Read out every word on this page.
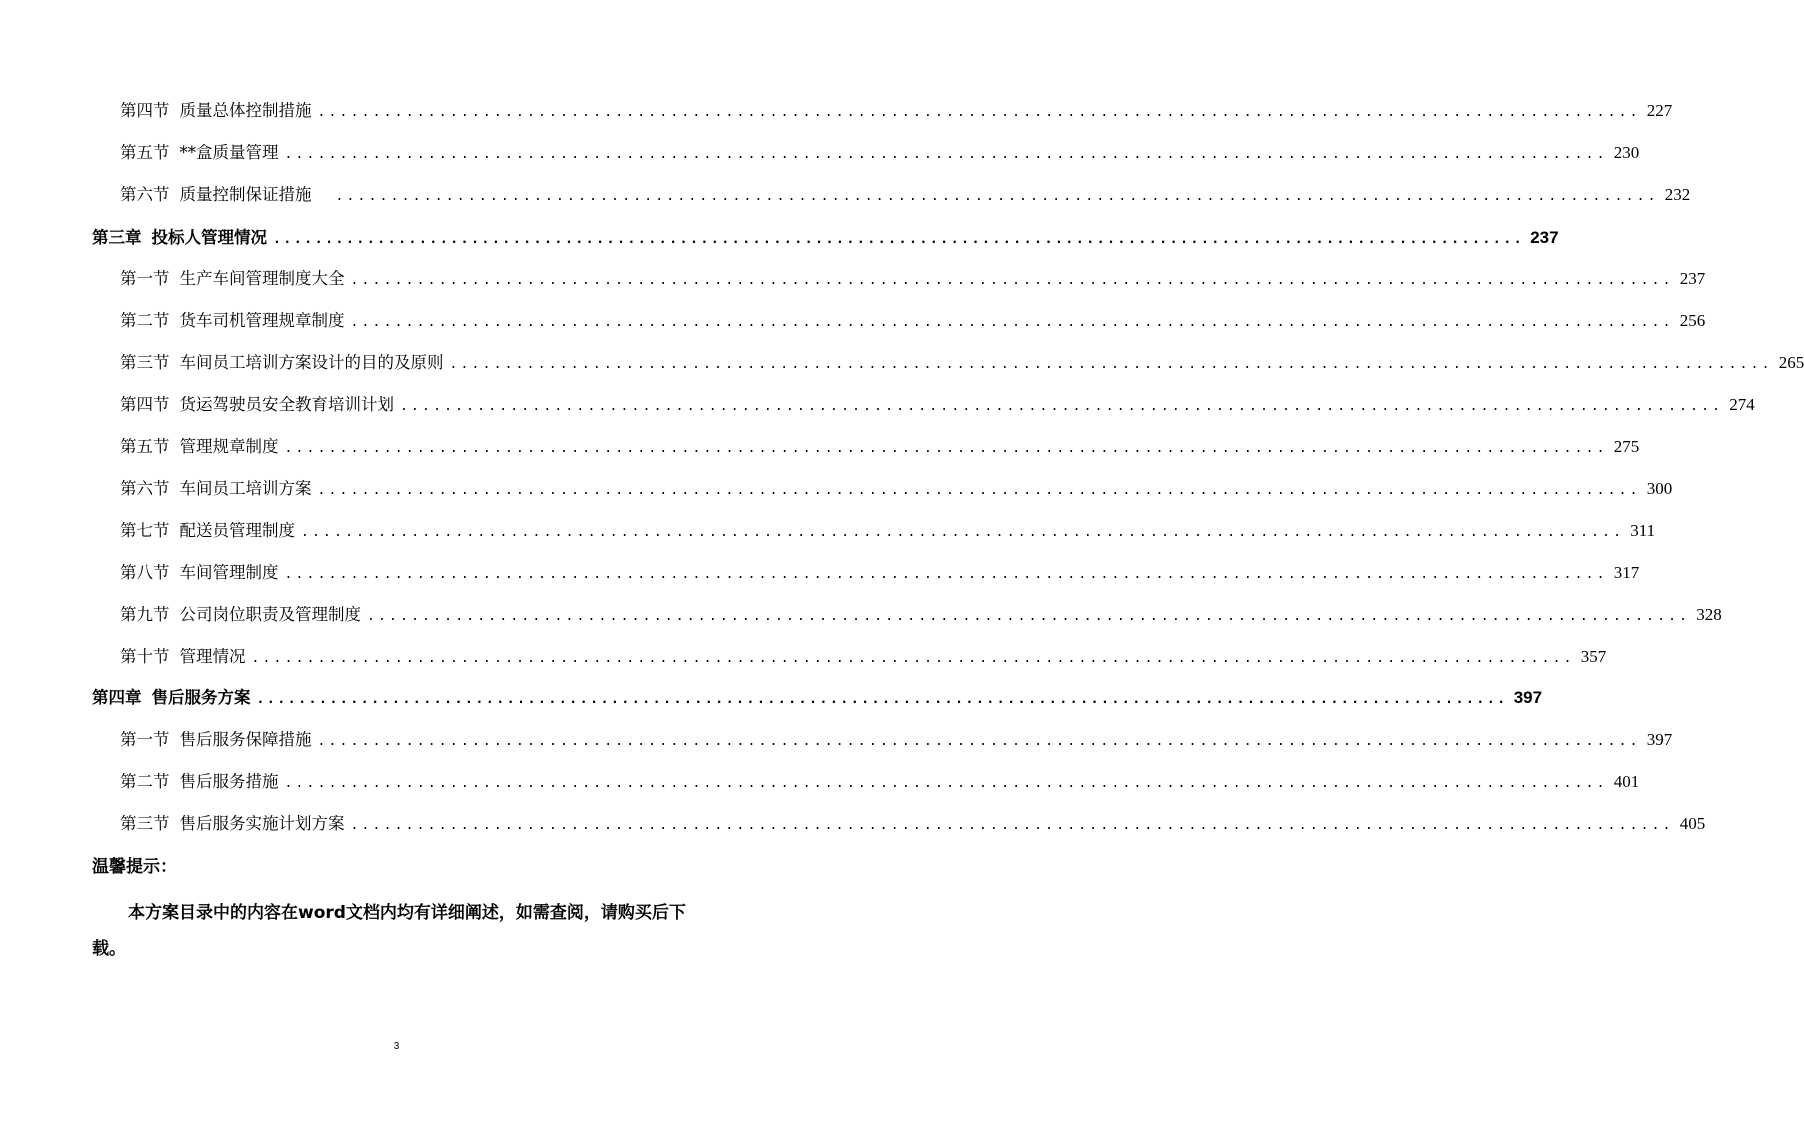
第四节 质量总体控制措施 ........................................................................................................................ 227
第五节 **盒质量管理 ........................................................................................................................ 230
第六节 质量控制保证措施 ........................................................................................................................ 232
第三章 投标人管理情况 ........................................................................................................................ 237
第一节 生产车间管理制度大全 ........................................................................................................................ 237
第二节 货车司机管理规章制度 ........................................................................................................................ 256
第三节 车间员工培训方案设计的目的及原则 ........................................................................................................................ 265
第四节 货运驾驶员安全教育培训计划 ........................................................................................................................ 274
第五节 管理规章制度 ........................................................................................................................ 275
第六节 车间员工培训方案 ........................................................................................................................ 300
第七节 配送员管理制度 ........................................................................................................................ 311
第八节 车间管理制度 ........................................................................................................................ 317
第九节 公司岗位职责及管理制度 ........................................................................................................................ 328
第十节 管理情况 ........................................................................................................................ 357
第四章 售后服务方案 ........................................................................................................................ 397
第一节 售后服务保障措施 ........................................................................................................................ 397
第二节 售后服务措施 ........................................................................................................................ 401
第三节 售后服务实施计划方案 ........................................................................................................................ 405
温馨提示：
本方案目录中的内容在word文档内均有详细阐述，如需查阅，请购买后下载。
3
